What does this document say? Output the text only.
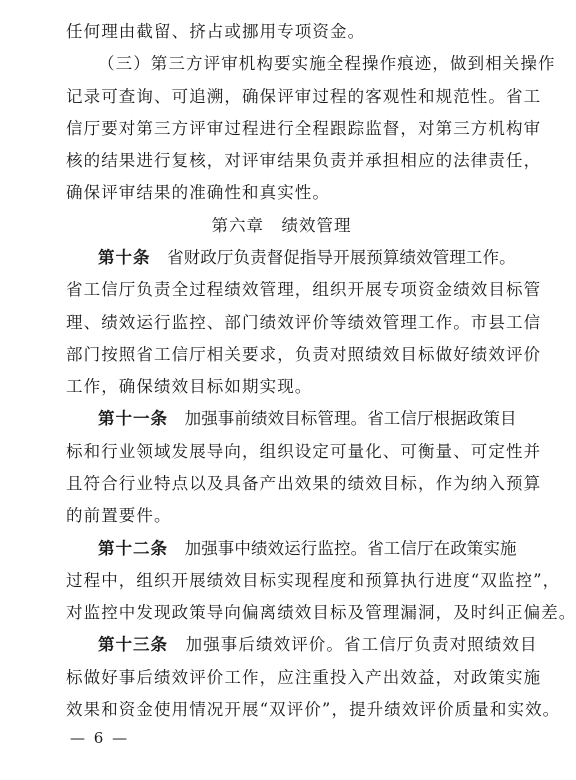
任何理由截留、挤占或挪用专项资金。
（三）第三方评审机构要实施全程操作痕迹，做到相关操作
记录可查询、可追溯，确保评审过程的客观性和规范性。省工
信厅要对第三方评审过程进行全程跟踪监督，对第三方机构审
核的结果进行复核，对评审结果负责并承担相应的法律责任，
确保评审结果的准确性和真实性。
第六章　绩效管理
第十条　省财政厅负责督促指导开展预算绩效管理工作。
省工信厅负责全过程绩效管理，组织开展专项资金绩效目标管
理、绩效运行监控、部门绩效评价等绩效管理工作。市县工信
部门按照省工信厅相关要求，负责对照绩效目标做好绩效评价
工作，确保绩效目标如期实现。
第十一条　加强事前绩效目标管理。省工信厅根据政策目
标和行业领域发展导向，组织设定可量化、可衡量、可定性并
且符合行业特点以及具备产出效果的绩效目标，作为纳入预算
的前置要件。
第十二条　加强事中绩效运行监控。省工信厅在政策实施
过程中，组织开展绩效目标实现程度和预算执行进度“双监控”，
对监控中发现政策导向偏离绩效目标及管理漏洞，及时纠正偏差。
— 6 —
第十三条　加强事后绩效评价。省工信厅负责对照绩效目
标做好事后绩效评价工作，应注重投入产出效益，对政策实施
效果和资金使用情况开展“双评价”，提升绩效评价质量和实效。
